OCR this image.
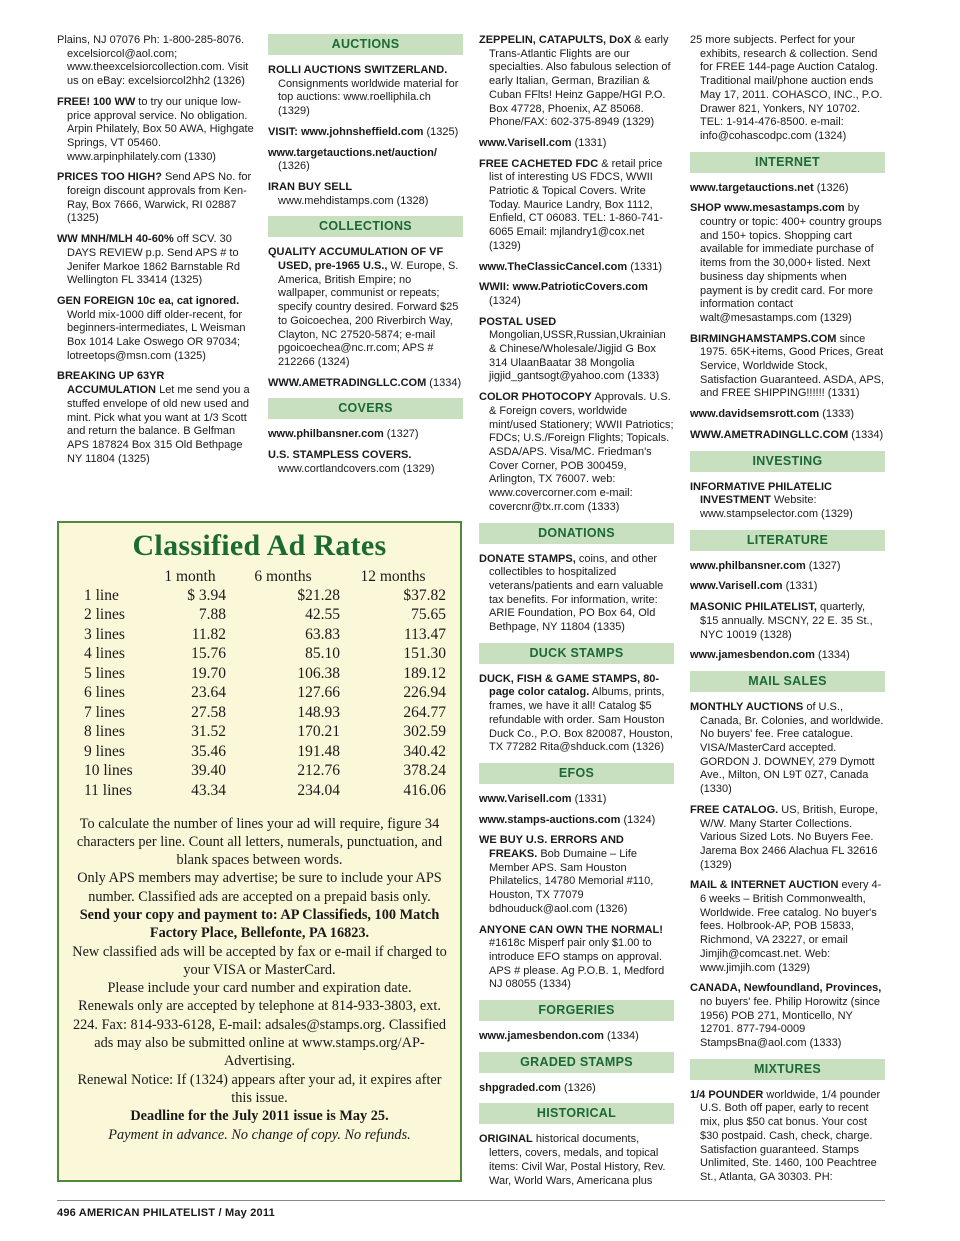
Plains, NJ 07076 Ph: 1-800-285-8076. excelsiorcol@aol.com; www.theexcelsiorcollection.com. Visit us on eBay: excelsiorcol2hh2 (1326)

FREE! 100 WW to try our unique low-price approval service. No obligation. Arpin Philately, Box 50 AWA, Highgate Springs, VT 05460. www.arpinphilately.com (1330)

PRICES TOO HIGH? Send APS No. for foreign discount approvals from Ken-Ray, Box 7666, Warwick, RI 02887 (1325)

WW MNH/MLH 40-60% off SCV. 30 DAYS REVIEW p.p. Send APS # to Jenifer Markoe 1862 Barnstable Rd Wellington FL 33414 (1325)

GEN FOREIGN 10c ea, cat ignored. World mix-1000 diff older-recent, for beginners-intermediates, L Weisman Box 1014 Lake Oswego OR 97034; lotreetops@msn.com (1325)

BREAKING UP 63YR ACCUMULATION Let me send you a stuffed envelope of old new used and mint. Pick what you want at 1/3 Scott and return the balance. B Gelfman APS 187824 Box 315 Old Bethpage NY 11804 (1325)

AUCTIONS

ROLLI AUCTIONS SWITZERLAND. Consignments worldwide material for top auctions: www.roelliphila.ch (1329)

VISIT: www.johnsheffield.com (1325)

www.targetauctions.net/auction/ (1326)

IRAN BUY SELL www.mehdistamps.com (1328)

COLLECTIONS

QUALITY ACCUMULATION OF VF USED, pre-1965 U.S., W. Europe, S. America, British Empire; no wallpaper, communist or repeats; specify country desired. Forward $25 to Goicoechea, 200 Riverbirch Way, Clayton, NC 27520-5874; e-mail pgoicoechea@nc.rr.com; APS # 212266 (1324)

WWW.AMETRADINGLLC.COM (1334)

COVERS

www.philbansner.com (1327)

U.S. STAMPLESS COVERS. www.cortlandcovers.com (1329)

ZEPPELIN, CATAPULTS, DoX & early Trans-Atlantic Flights are our specialties. Also fabulous selection of early Italian, German, Brazilian & Cuban FFlts! Heinz Gappe/HGI P.O. Box 47728, Phoenix, AZ 85068. Phone/FAX: 602-375-8949 (1329)

www.Varisell.com (1331)

FREE CACHETED FDC & retail price list of interesting US FDCS, WWII Patriotic & Topical Covers. Write Today. Maurice Landry, Box 1112, Enfield, CT 06083. TEL: 1-860-741-6065 Email: mjlandry1@cox.net (1329)

www.TheClassicCancel.com (1331)

WWII: www.PatrioticCovers.com (1324)

POSTAL USED Mongolian,USSR,Russian,Ukrainian & Chinese/Wholesale/Jigjid G Box 314 UlaanBaatar 38 Mongolia jigjid_gantsogt@yahoo.com (1333)

COLOR PHOTOCOPY Approvals. U.S. & Foreign covers, worldwide mint/used Stationery; WWII Patriotics; FDCs; U.S./Foreign Flights; Topicals. ASDA/APS. Visa/MC. Friedman's Cover Corner, POB 300459, Arlington, TX 76007. web: www.covercorner.com e-mail: covercnr@tx.rr.com (1333)

DONATIONS

DONATE STAMPS, coins, and other collectibles to hospitalized veterans/patients and earn valuable tax benefits. For information, write: ARIE Foundation, PO Box 64, Old Bethpage, NY 11804 (1335)

DUCK STAMPS

DUCK, FISH & GAME STAMPS, 80-page color catalog. Albums, prints, frames, we have it all! Catalog $5 refundable with order. Sam Houston Duck Co., P.O. Box 820087, Houston, TX 77282 Rita@shduck.com (1326)

EFOS

www.Varisell.com (1331)

www.stamps-auctions.com (1324)

WE BUY U.S. ERRORS AND FREAKS. Bob Dumaine – Life Member APS. Sam Houston Philatelics, 14780 Memorial #110, Houston, TX 77079 bdhouduck@aol.com (1326)

ANYONE CAN OWN THE NORMAL! #1618c Misperf pair only $1.00 to introduce EFO stamps on approval. APS # please. Ag P.O.B. 1, Medford NJ 08055 (1334)

FORGERIES

www.jamesbendon.com (1334)

GRADED STAMPS

shpgraded.com (1326)

HISTORICAL

ORIGINAL historical documents, letters, covers, medals, and topical items: Civil War, Postal History, Rev. War, World Wars, Americana plus

25 more subjects. Perfect for your exhibits, research & collection. Send for FREE 144-page Auction Catalog. Traditional mail/phone auction ends May 17, 2011. COHASCO, INC., P.O. Drawer 821, Yonkers, NY 10702. TEL: 1-914-476-8500. e-mail: info@cohascodpc.com (1324)

INTERNET

www.targetauctions.net (1326)

SHOP www.mesastamps.com by country or topic: 400+ country groups and 150+ topics. Shopping cart available for immediate purchase of items from the 30,000+ listed. Next business day shipments when payment is by credit card. For more information contact walt@mesastamps.com (1329)

BIRMINGHAMSTAMPS.COM since 1975. 65K+items, Good Prices, Great Service, Worldwide Stock, Satisfaction Guaranteed. ASDA, APS, and FREE SHIPPING!!!!!! (1331)

www.davidsemsrott.com (1333)

WWW.AMETRADINGLLC.COM (1334)

INVESTING

INFORMATIVE PHILATELIC INVESTMENT Website: www.stampselector.com (1329)

LITERATURE

www.philbansner.com (1327)

www.Varisell.com (1331)

MASONIC PHILATELIST, quarterly, $15 annually. MSCNY, 22 E. 35 St., NYC 10019 (1328)

www.jamesbendon.com (1334)

MAIL SALES

MONTHLY AUCTIONS of U.S., Canada, Br. Colonies, and worldwide. No buyers' fee. Free catalogue. VISA/MasterCard accepted. GORDON J. DOWNEY, 279 Dymott Ave., Milton, ON L9T 0Z7, Canada (1330)

FREE CATALOG. US, British, Europe, W/W. Many Starter Collections. Various Sized Lots. No Buyers Fee. Jarema Box 2466 Alachua FL 32616 (1329)

MAIL & INTERNET AUCTION every 4-6 weeks – British Commonwealth, Worldwide. Free catalog. No buyer's fees. Holbrook-AP, POB 15833, Richmond, VA 23227, or email Jimjih@comcast.net. Web: www.jimjih.com (1329)

CANADA, Newfoundland, Provinces, no buyers' fee. Philip Horowitz (since 1956) POB 271, Monticello, NY 12701. 877-794-0009 StampsBna@aol.com (1333)

MIXTURES

1/4 POUNDER worldwide, 1/4 pounder U.S. Both off paper, early to recent mix, plus $50 cat bonus. Your cost $30 postpaid. Cash, check, charge. Satisfaction guaranteed. Stamps Unlimited, Ste. 1460, 100 Peachtree St., Atlanta, GA 30303. PH:

Classified Ad Rates
	1 month	6 months	12 months
1 line	$ 3.94	$21.28	$37.82
2 lines	7.88	42.55	75.65
3 lines	11.82	63.83	113.47
4 lines	15.76	85.10	151.30
5 lines	19.70	106.38	189.12
6 lines	23.64	127.66	226.94
7 lines	27.58	148.93	264.77
8 lines	31.52	170.21	302.59
9 lines	35.46	191.48	340.42
10 lines	39.40	212.76	378.24
11 lines	43.34	234.04	416.06

To calculate the number of lines your ad will require, figure 34 characters per line. Count all letters, numerals, punctuation, and blank spaces between words.

Only APS members may advertise; be sure to include your APS number. Classified ads are accepted on a prepaid basis only.

Send your copy and payment to: AP Classifieds, 100 Match Factory Place, Bellefonte, PA 16823.

New classified ads will be accepted by fax or e-mail if charged to your VISA or MasterCard.

Please include your card number and expiration date.

Renewals only are accepted by telephone at 814-933-3803, ext. 224. Fax: 814-933-6128, E-mail: adsales@stamps.org. Classified ads may also be submitted online at www.stamps.org/AP-Advertising.

Renewal Notice: If (1324) appears after your ad, it expires after this issue.

Deadline for the July 2011 issue is May 25.

Payment in advance. No change of copy. No refunds.

496 AMERICAN PHILATELIST / May 2011
